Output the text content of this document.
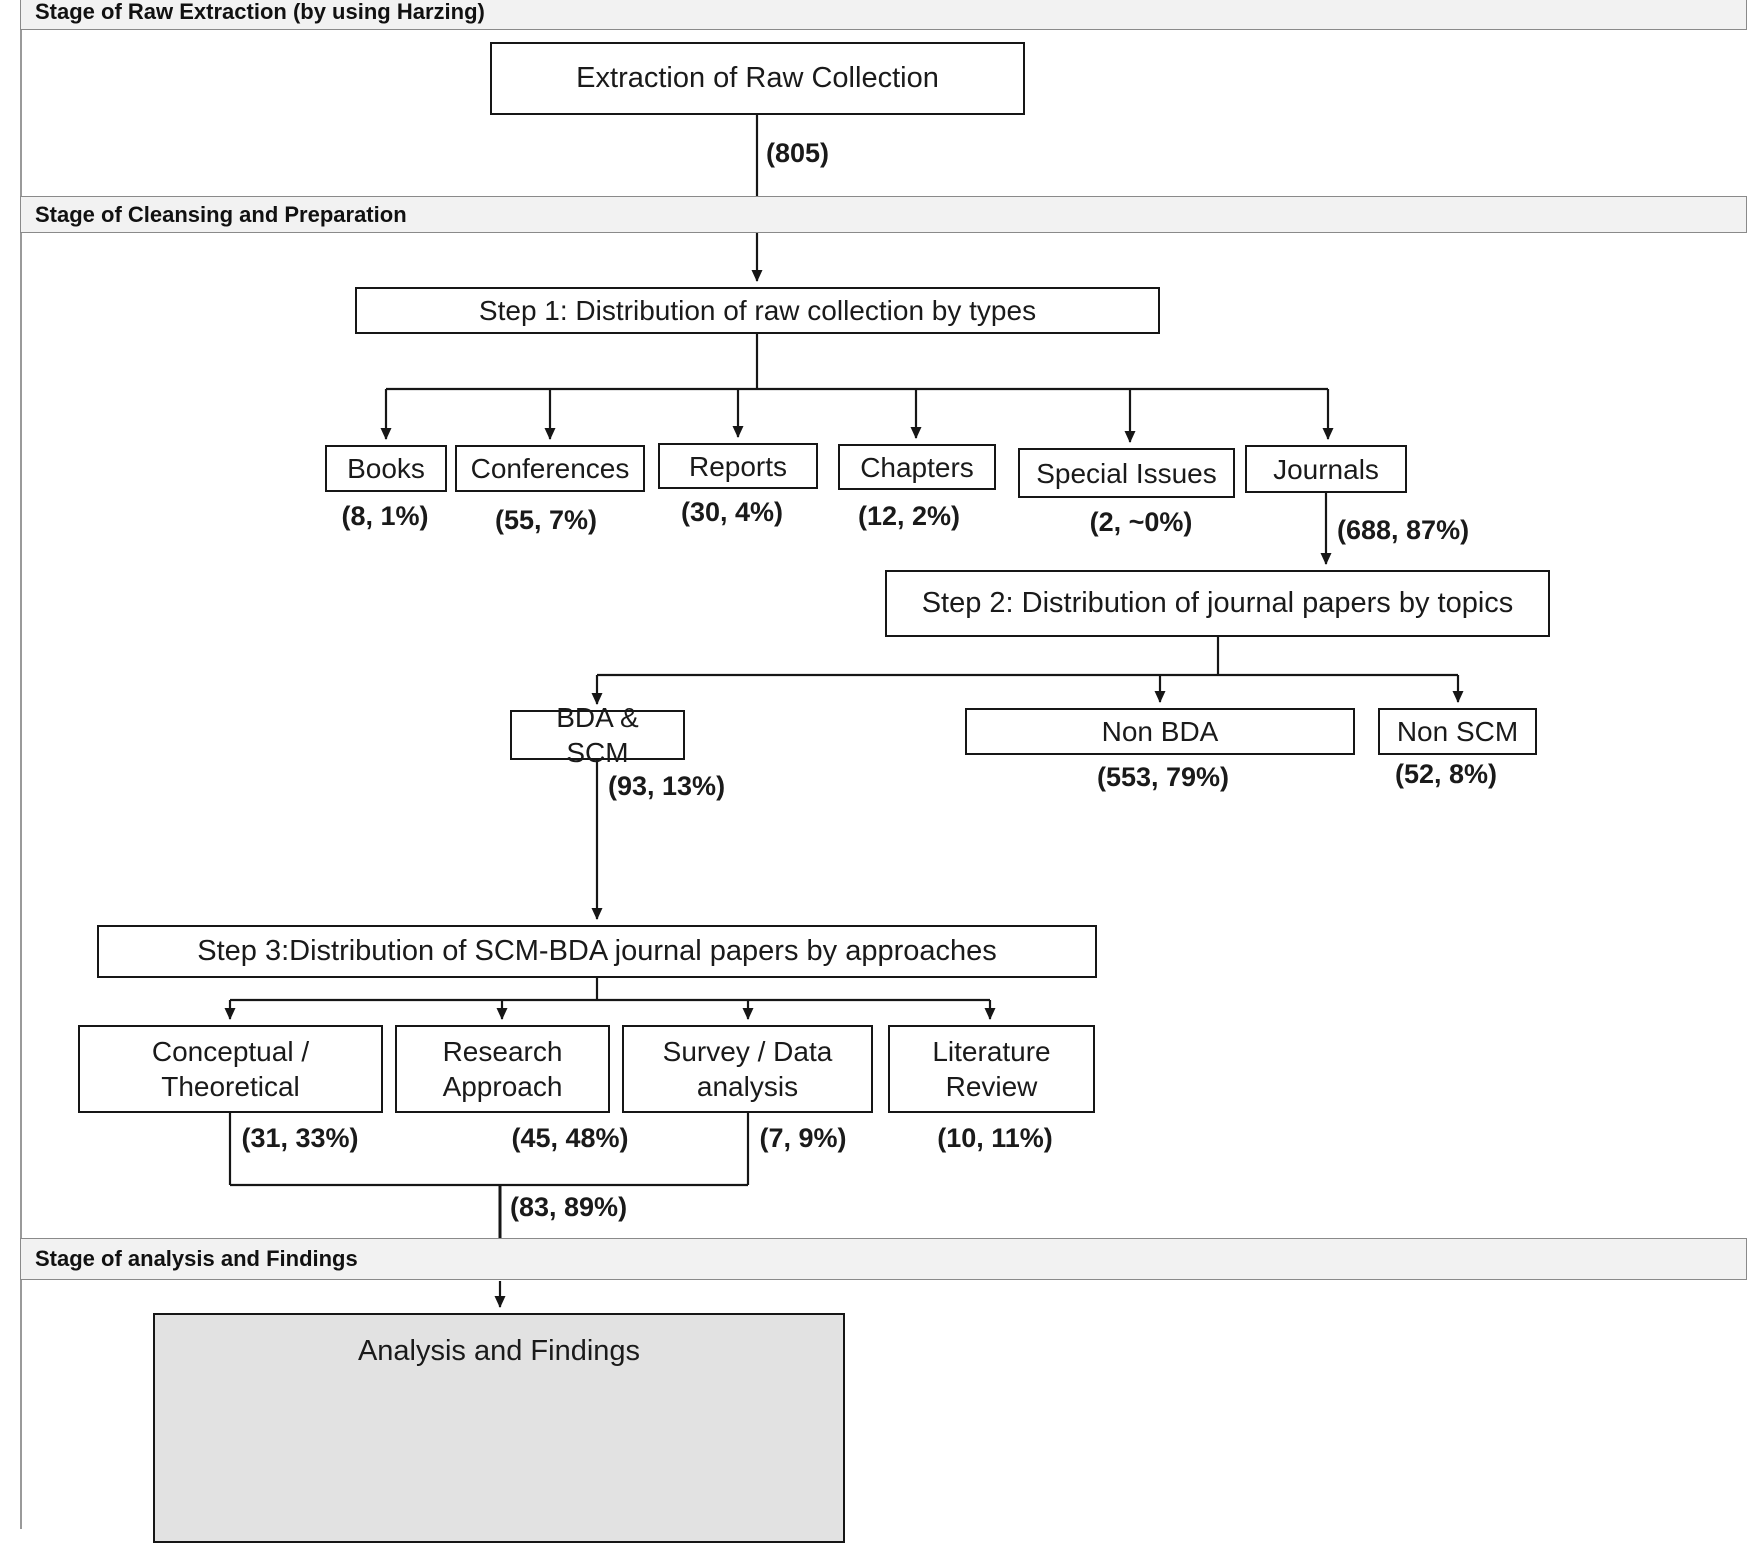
Stage of Raw Extraction (by using Harzing)
Stage of Cleansing and Preparation
Stage of analysis and Findings
Extraction of Raw Collection
(805)
Step 1: Distribution of raw collection by types
Books
(8, 1%)
Conferences
(55, 7%)
Reports
(30, 4%)
Chapters
(12, 2%)
Special Issues
(2, ~0%)
Journals
(688, 87%)
Step 2: Distribution of journal papers by topics
BDA & SCM
(93, 13%)
Non BDA
(553, 79%)
Non SCM
(52, 8%)
Step 3:Distribution of SCM-BDA journal papers by approaches
Conceptual / Theoretical
(31, 33%)
Research Approach
(45, 48%)
Survey / Data analysis
(7, 9%)
Literature Review
(10, 11%)
(83, 89%)
Analysis and Findings
